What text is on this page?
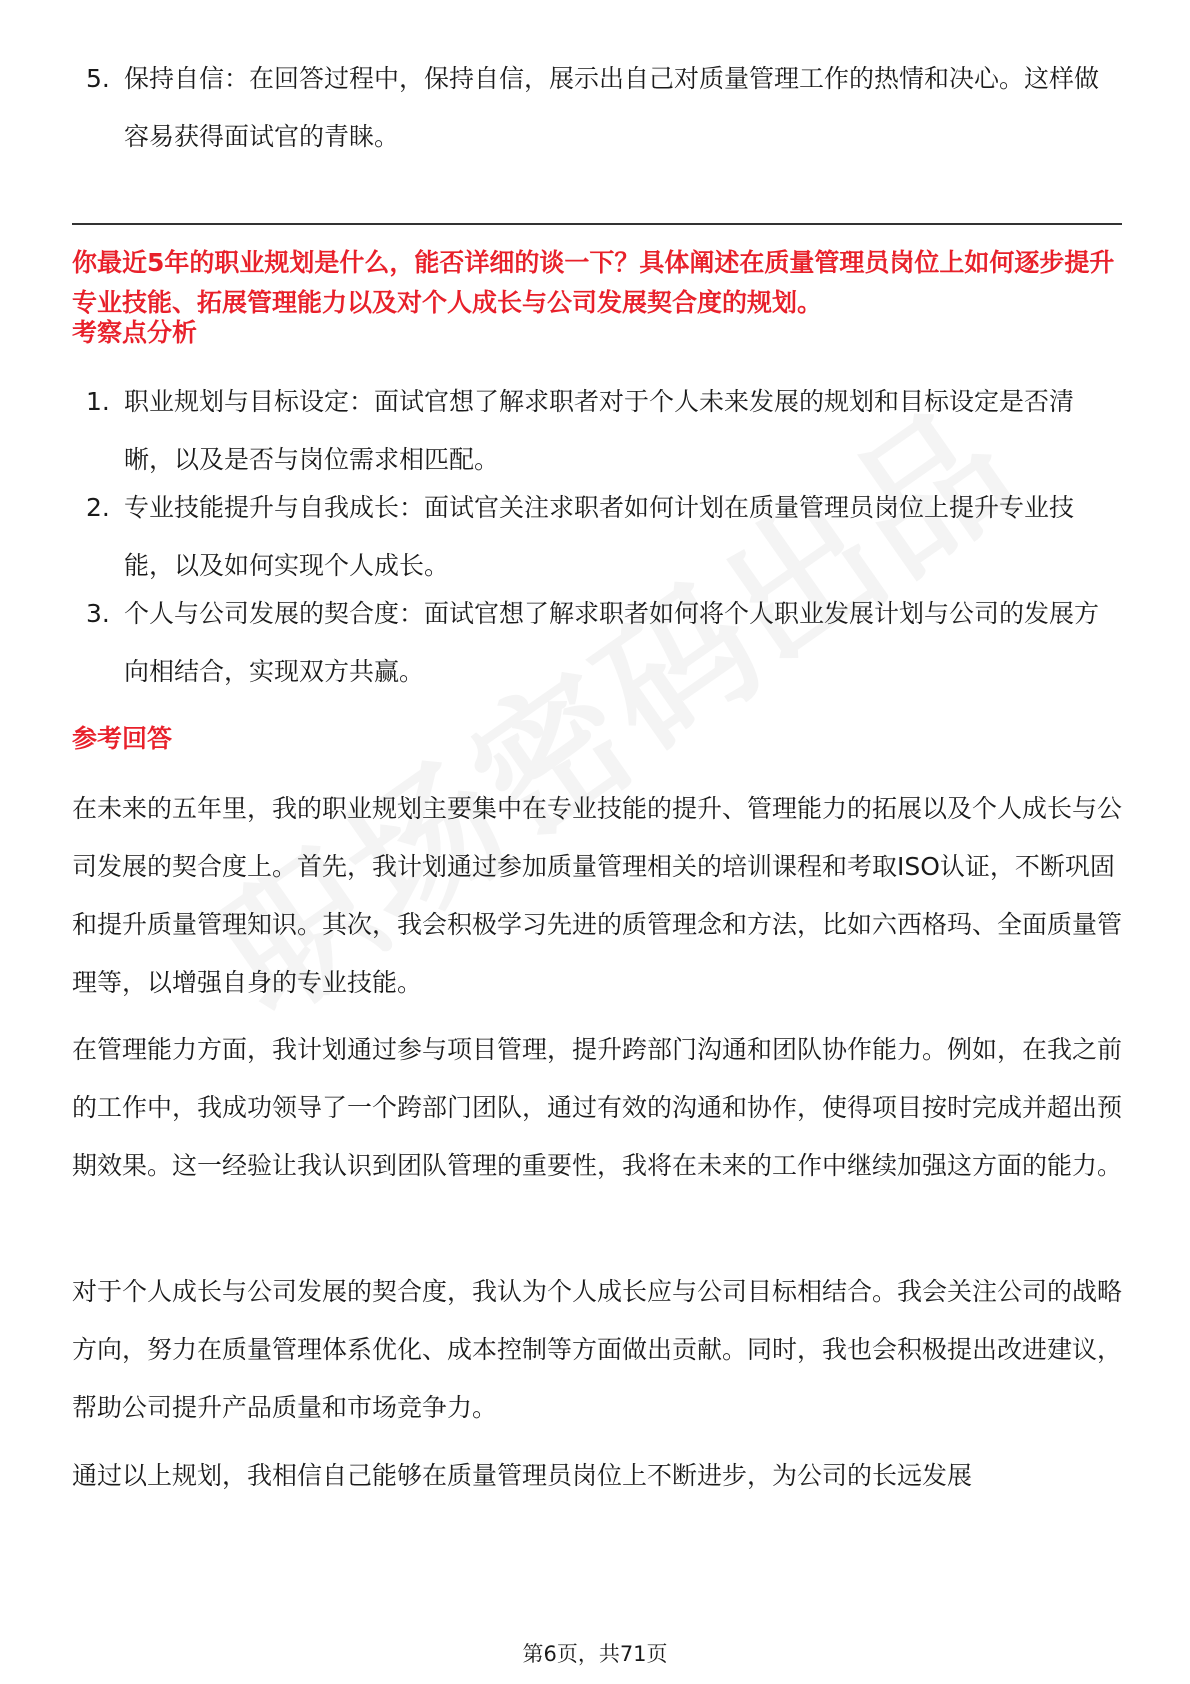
5. 保持自信：在回答过程中，保持自信，展示出自己对质量管理工作的热情和决心。这样做容易获得面试官的青睐。
你最近5年的职业规划是什么，能否详细的谈一下？具体阐述在质量管理员岗位上如何逐步提升专业技能、拓展管理能力以及对个人成长与公司发展契合度的规划。
考察点分析
1. 职业规划与目标设定：面试官想了解求职者对于个人未来发展的规划和目标设定是否清晰，以及是否与岗位需求相匹配。
2. 专业技能提升与自我成长：面试官关注求职者如何计划在质量管理员岗位上提升专业技能，以及如何实现个人成长。
3. 个人与公司发展的契合度：面试官想了解求职者如何将个人职业发展计划与公司的发展方向相结合，实现双方共赢。
参考回答
在未来的五年里，我的职业规划主要集中在专业技能的提升、管理能力的拓展以及个人成长与公司发展的契合度上。首先，我计划通过参加质量管理相关的培训课程和考取ISO认证，不断巩固和提升质量管理知识。其次，我会积极学习先进的质管理念和方法，比如六西格玛、全面质量管理等，以增强自身的专业技能。
在管理能力方面，我计划通过参与项目管理，提升跨部门沟通和团队协作能力。例如，在我之前的工作中，我成功领导了一个跨部门团队，通过有效的沟通和协作，使得项目按时完成并超出预期效果。这一经验让我认识到团队管理的重要性，我将在未来的工作中继续加强这方面的能力。
对于个人成长与公司发展的契合度，我认为个人成长应与公司目标相结合。我会关注公司的战略方向，努力在质量管理体系优化、成本控制等方面做出贡献。同时，我也会积极提出改进建议，帮助公司提升产品质量和市场竞争力。
通过以上规划，我相信自己能够在质量管理员岗位上不断进步，为公司的长远发展
第6页，共71页
